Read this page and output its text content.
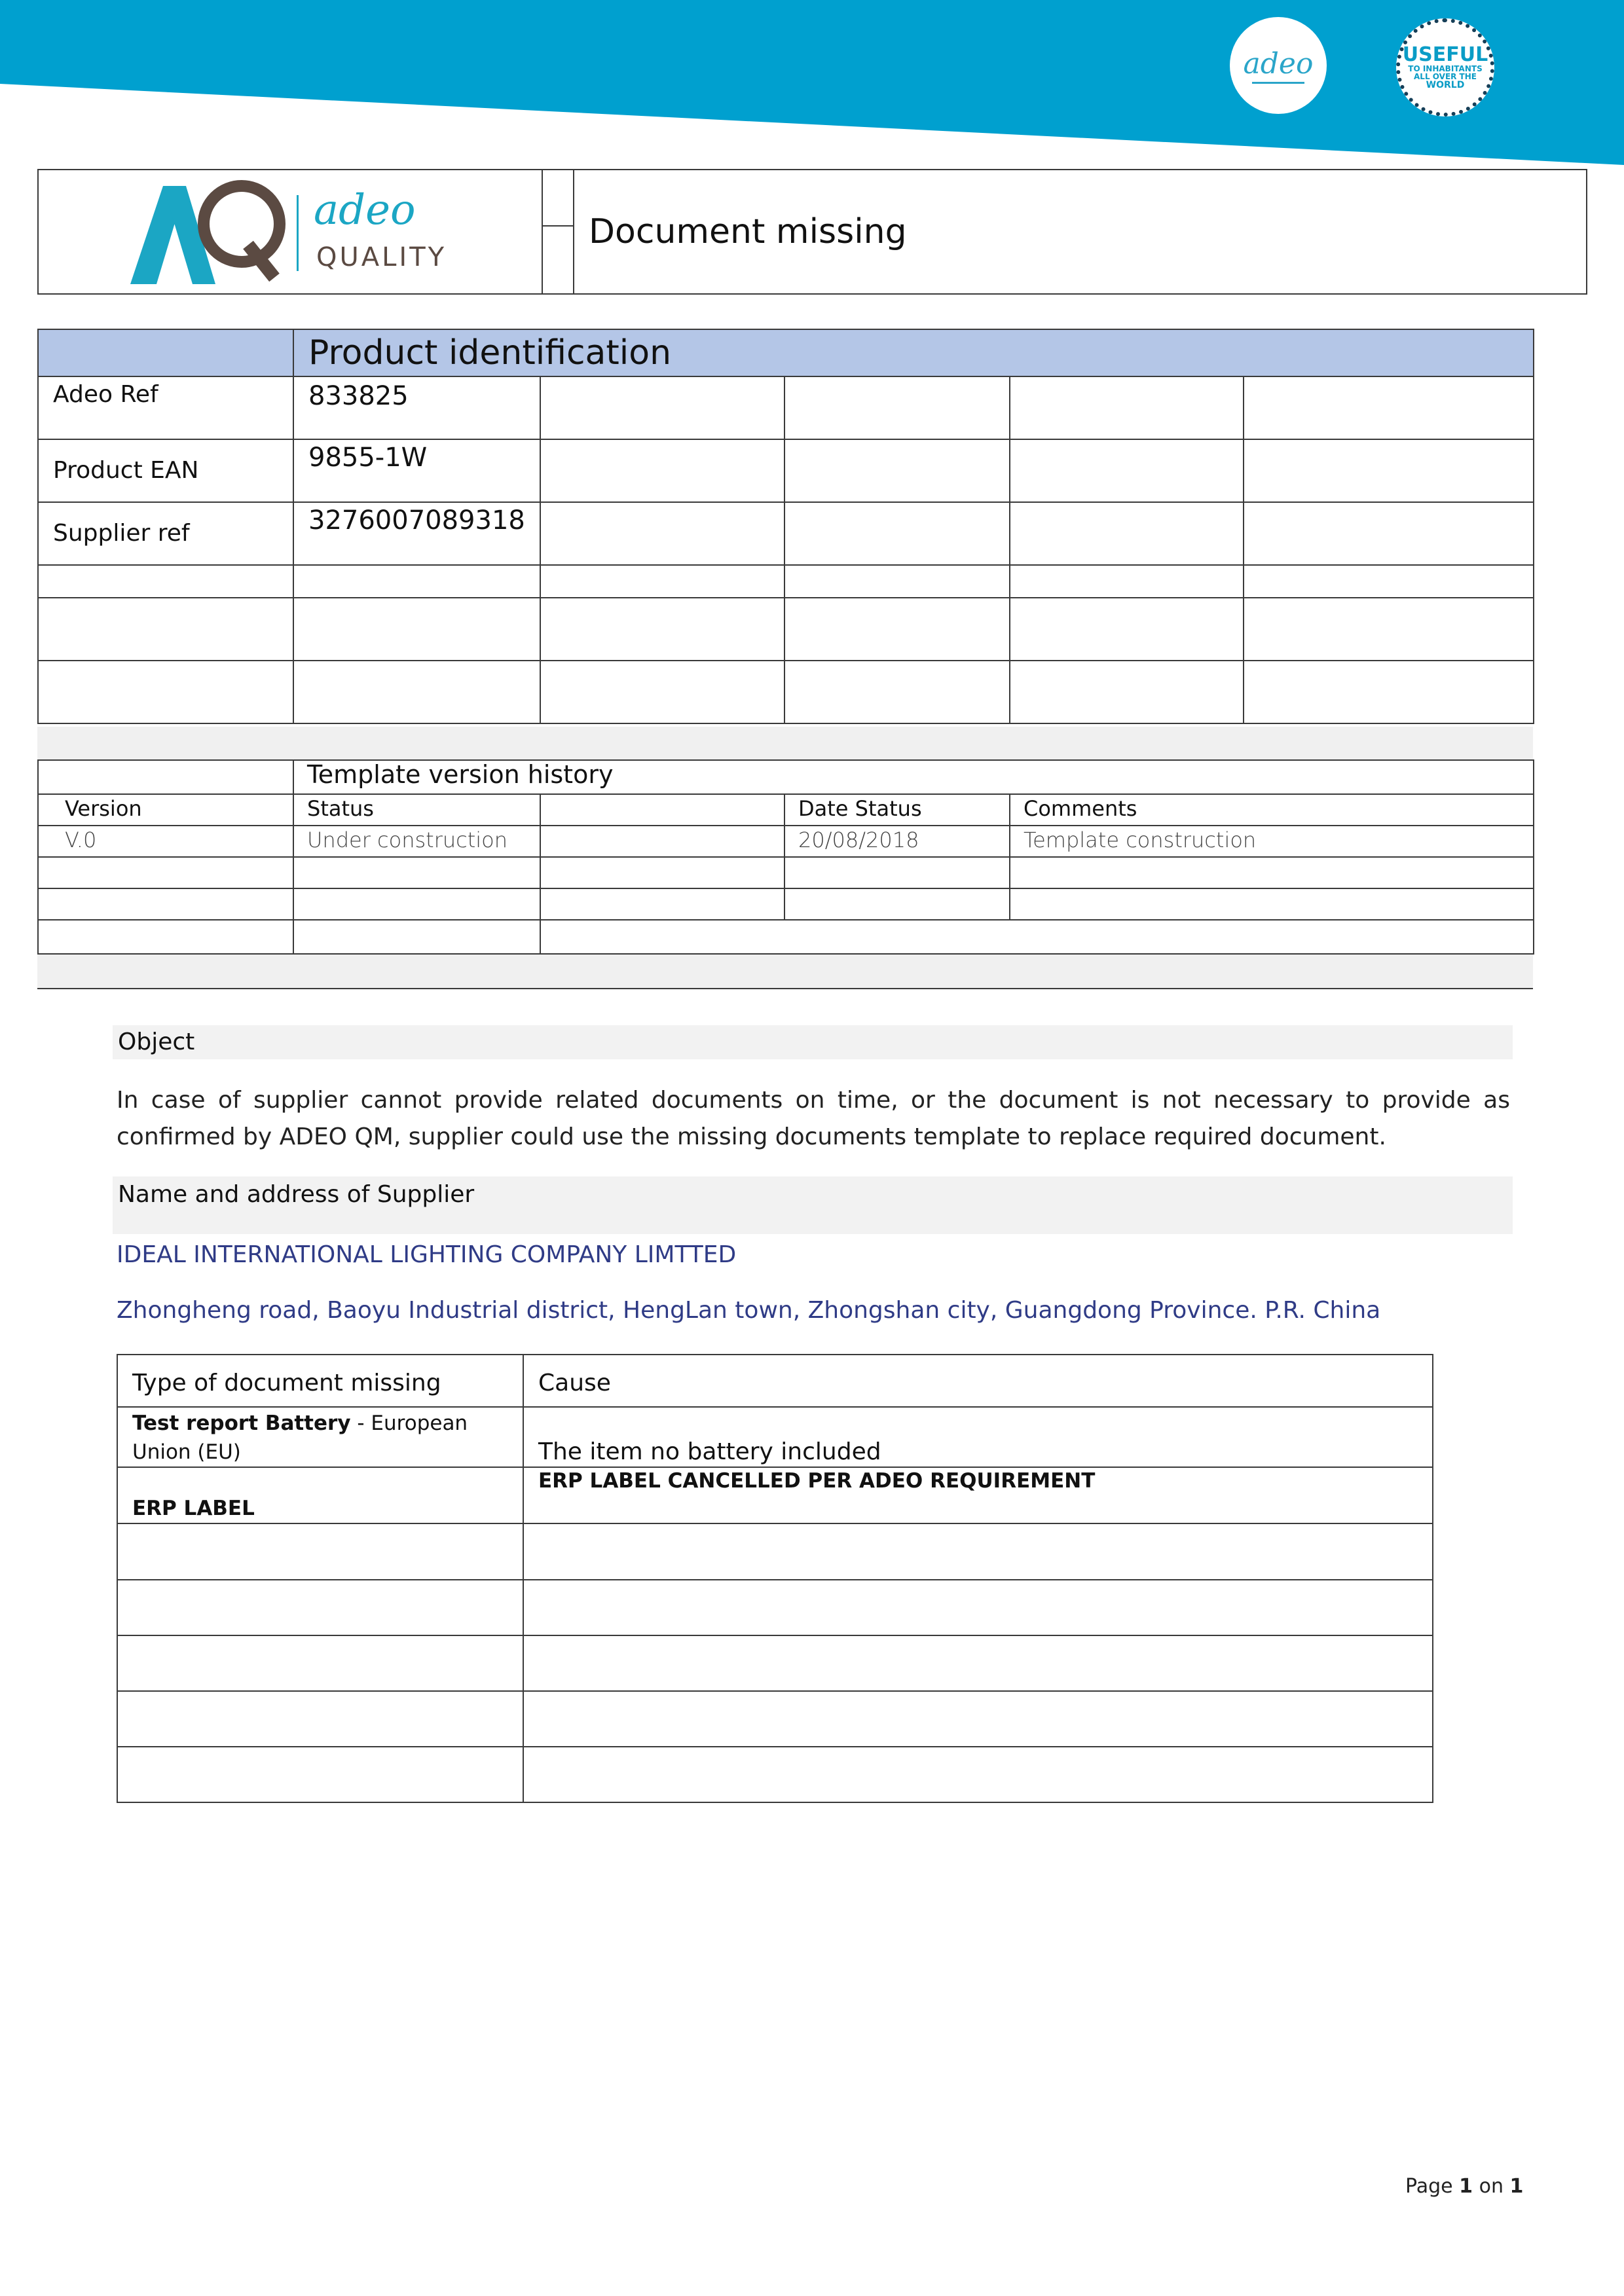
adeo	USEFUL
TO INHABITANTS
ALL OVER THE
WORLD
adeo
QUALITY
		Document missing

	Product identification				
Adeo Ref	833825				
Product EAN	9855-1W				
Supplier ref	3276007089318				

	Template version history			
Version	Status		Date Status	Comments
V.0	Under construction		20/08/2018	Template construction

Object
In case of supplier cannot provide related documents on time, or the document is not necessary to provide as confirmed by ADEO QM, supplier could use the missing documents template to replace required document.
Name and address of Supplier
IDEAL INTERNATIONAL LIGHTING COMPANY LIMTTED
Zhongheng road, Baoyu Industrial district, HengLan town, Zhongshan city, Guangdong Province. P.R. China
Type of document missing	Cause
Test report Battery - European Union (EU)	The item no battery included
ERP LABEL	ERP LABEL CANCELLED PER ADEO REQUIREMENT

Page 1 on 1
